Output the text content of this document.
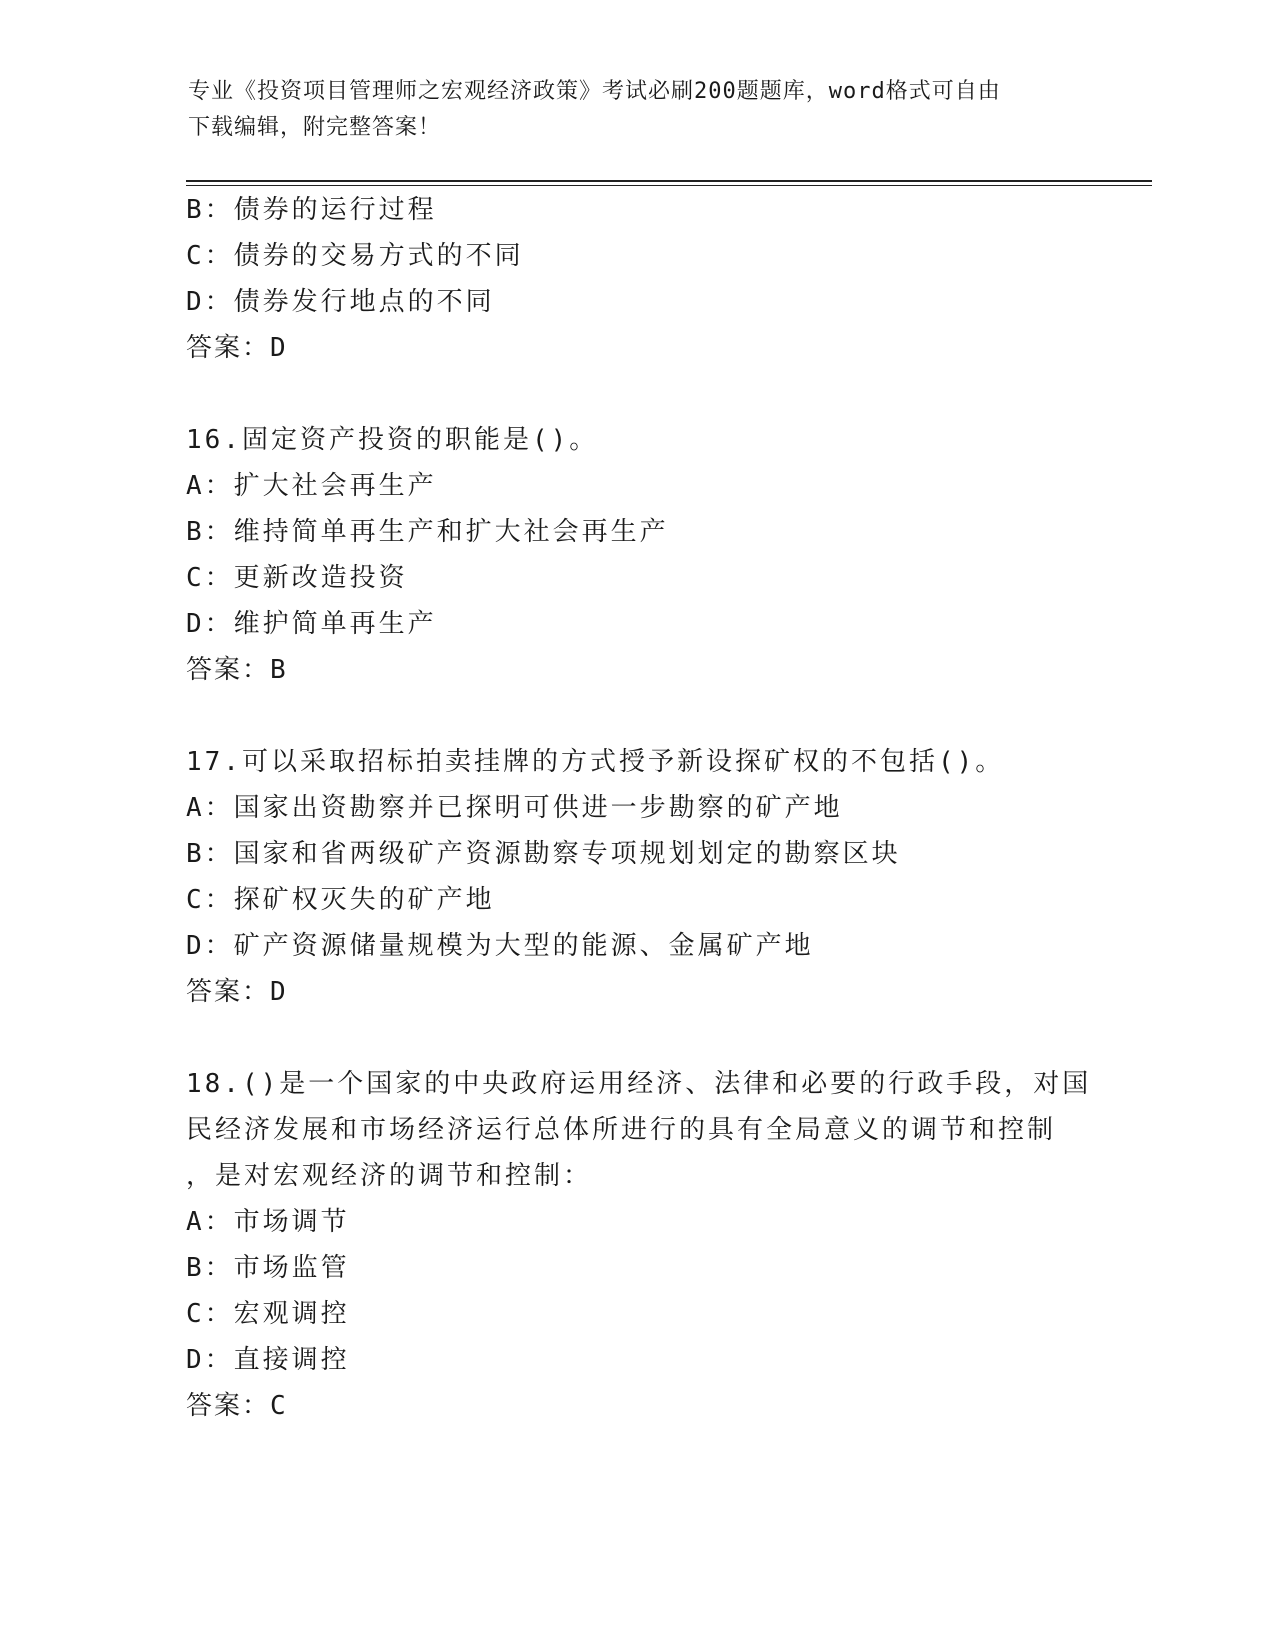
专业《投资项目管理师之宏观经济政策》考试必刷200题题库，word格式可自由
下载编辑，附完整答案！
B：债券的运行过程
C：债券的交易方式的不同
D：债券发行地点的不同
答案：D
16.固定资产投资的职能是()。
A：扩大社会再生产
B：维持简单再生产和扩大社会再生产
C：更新改造投资
D：维护简单再生产
答案：B
17.可以采取招标拍卖挂牌的方式授予新设探矿权的不包括()。
A：国家出资勘察并已探明可供进一步勘察的矿产地
B：国家和省两级矿产资源勘察专项规划划定的勘察区块
C：探矿权灭失的矿产地
D：矿产资源储量规模为大型的能源、金属矿产地
答案：D
18.()是一个国家的中央政府运用经济、法律和必要的行政手段，对国
民经济发展和市场经济运行总体所进行的具有全局意义的调节和控制
，是对宏观经济的调节和控制：
A：市场调节
B：市场监管
C：宏观调控
D：直接调控
答案：C
